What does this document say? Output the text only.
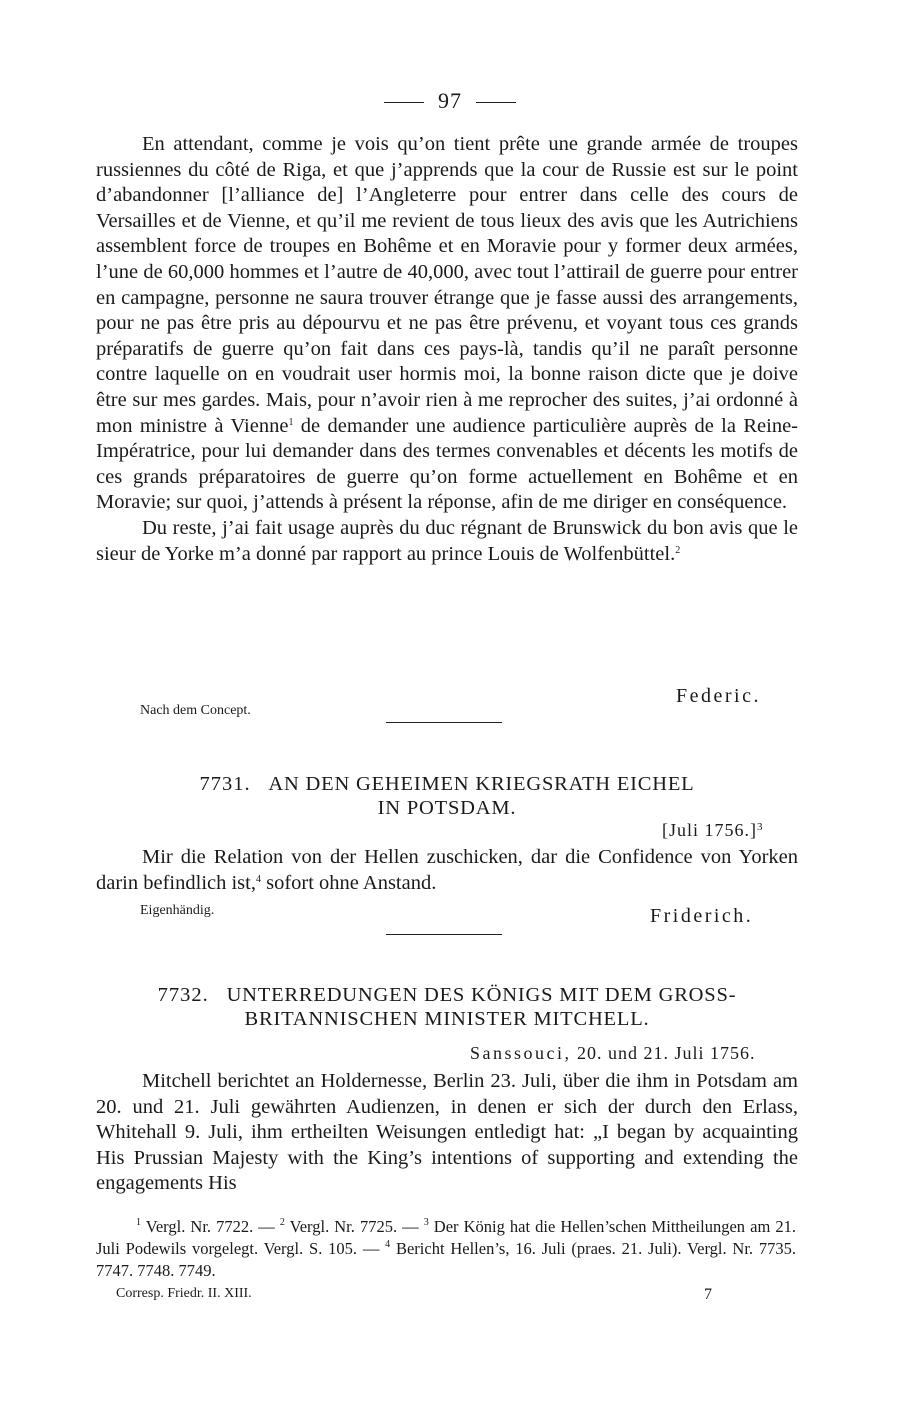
97

En attendant, comme je vois qu’on tient prête une grande armée de troupes russiennes du côté de Riga, et que j’apprends que la cour de Russie est sur le point d’abandonner [l’alliance de] l’Angleterre pour entrer dans celle des cours de Versailles et de Vienne, et qu’il me revient de tous lieux des avis que les Autrichiens assemblent force de troupes en Bohême et en Moravie pour y former deux armées, l’une de 60,000 hommes et l’autre de 40,000, avec tout l’attirail de guerre pour entrer en campagne, personne ne saura trouver étrange que je fasse aussi des arrangements, pour ne pas être pris au dépourvu et ne pas être prévenu, et voyant tous ces grands préparatifs de guerre qu’on fait dans ces pays-là, tandis qu’il ne paraît personne contre laquelle on en voudrait user hormis moi, la bonne raison dicte que je doive être sur mes gardes. Mais, pour n’avoir rien à me reprocher des suites, j’ai ordonné à mon ministre à Vienne$^1$ de demander une audience particulière auprès de la Reine-Impératrice, pour lui demander dans des termes convenables et décents les motifs de ces grands préparatoires de guerre qu’on forme actuellement en Bohême et en Moravie; sur quoi, j’attends à présent la réponse, afin de me diriger en conséquence.

Du reste, j’ai fait usage auprès du duc régnant de Brunswick du bon avis que le sieur de Yorke m’a donné par rapport au prince Louis de Wolfenbüttel.$^2$

Federic.
Nach dem Concept.
7731. AN DEN GEHEIMEN KRIEGSRATH EICHEL
IN POTSDAM.
[Juli 1756.]$^3$

Mir die Relation von der Hellen zuschicken, dar die Confidence von Yorken darin befindlich ist,$^4$ sofort ohne Anstand.

Eigenhändig.	Friderich.
7732. UNTERREDUNGEN DES KÖNIGS MIT DEM GROSS-
BRITANNISCHEN MINISTER MITCHELL.
Sanssouci, 20. und 21. Juli 1756.

Mitchell berichtet an Holdernesse, Berlin 23. Juli, über die ihm in Potsdam am 20. und 21. Juli gewährten Audienzen, in denen er sich der durch den Erlass, Whitehall 9. Juli, ihm ertheilten Weisungen entledigt hat: „I began by acquainting His Prussian Majesty with the King’s intentions of supporting and extending the engagements His

$^1$ Vergl. Nr. 7722. — $^2$ Vergl. Nr. 7725. — $^3$ Der König hat die Hellen’schen Mittheilungen am 21. Juli Podewils vorgelegt. Vergl. S. 105. — $^4$ Bericht Hellen’s, 16. Juli (praes. 21. Juli). Vergl. Nr. 7735. 7747. 7748. 7749.
Corresp. Friedr. II. XIII.	7
